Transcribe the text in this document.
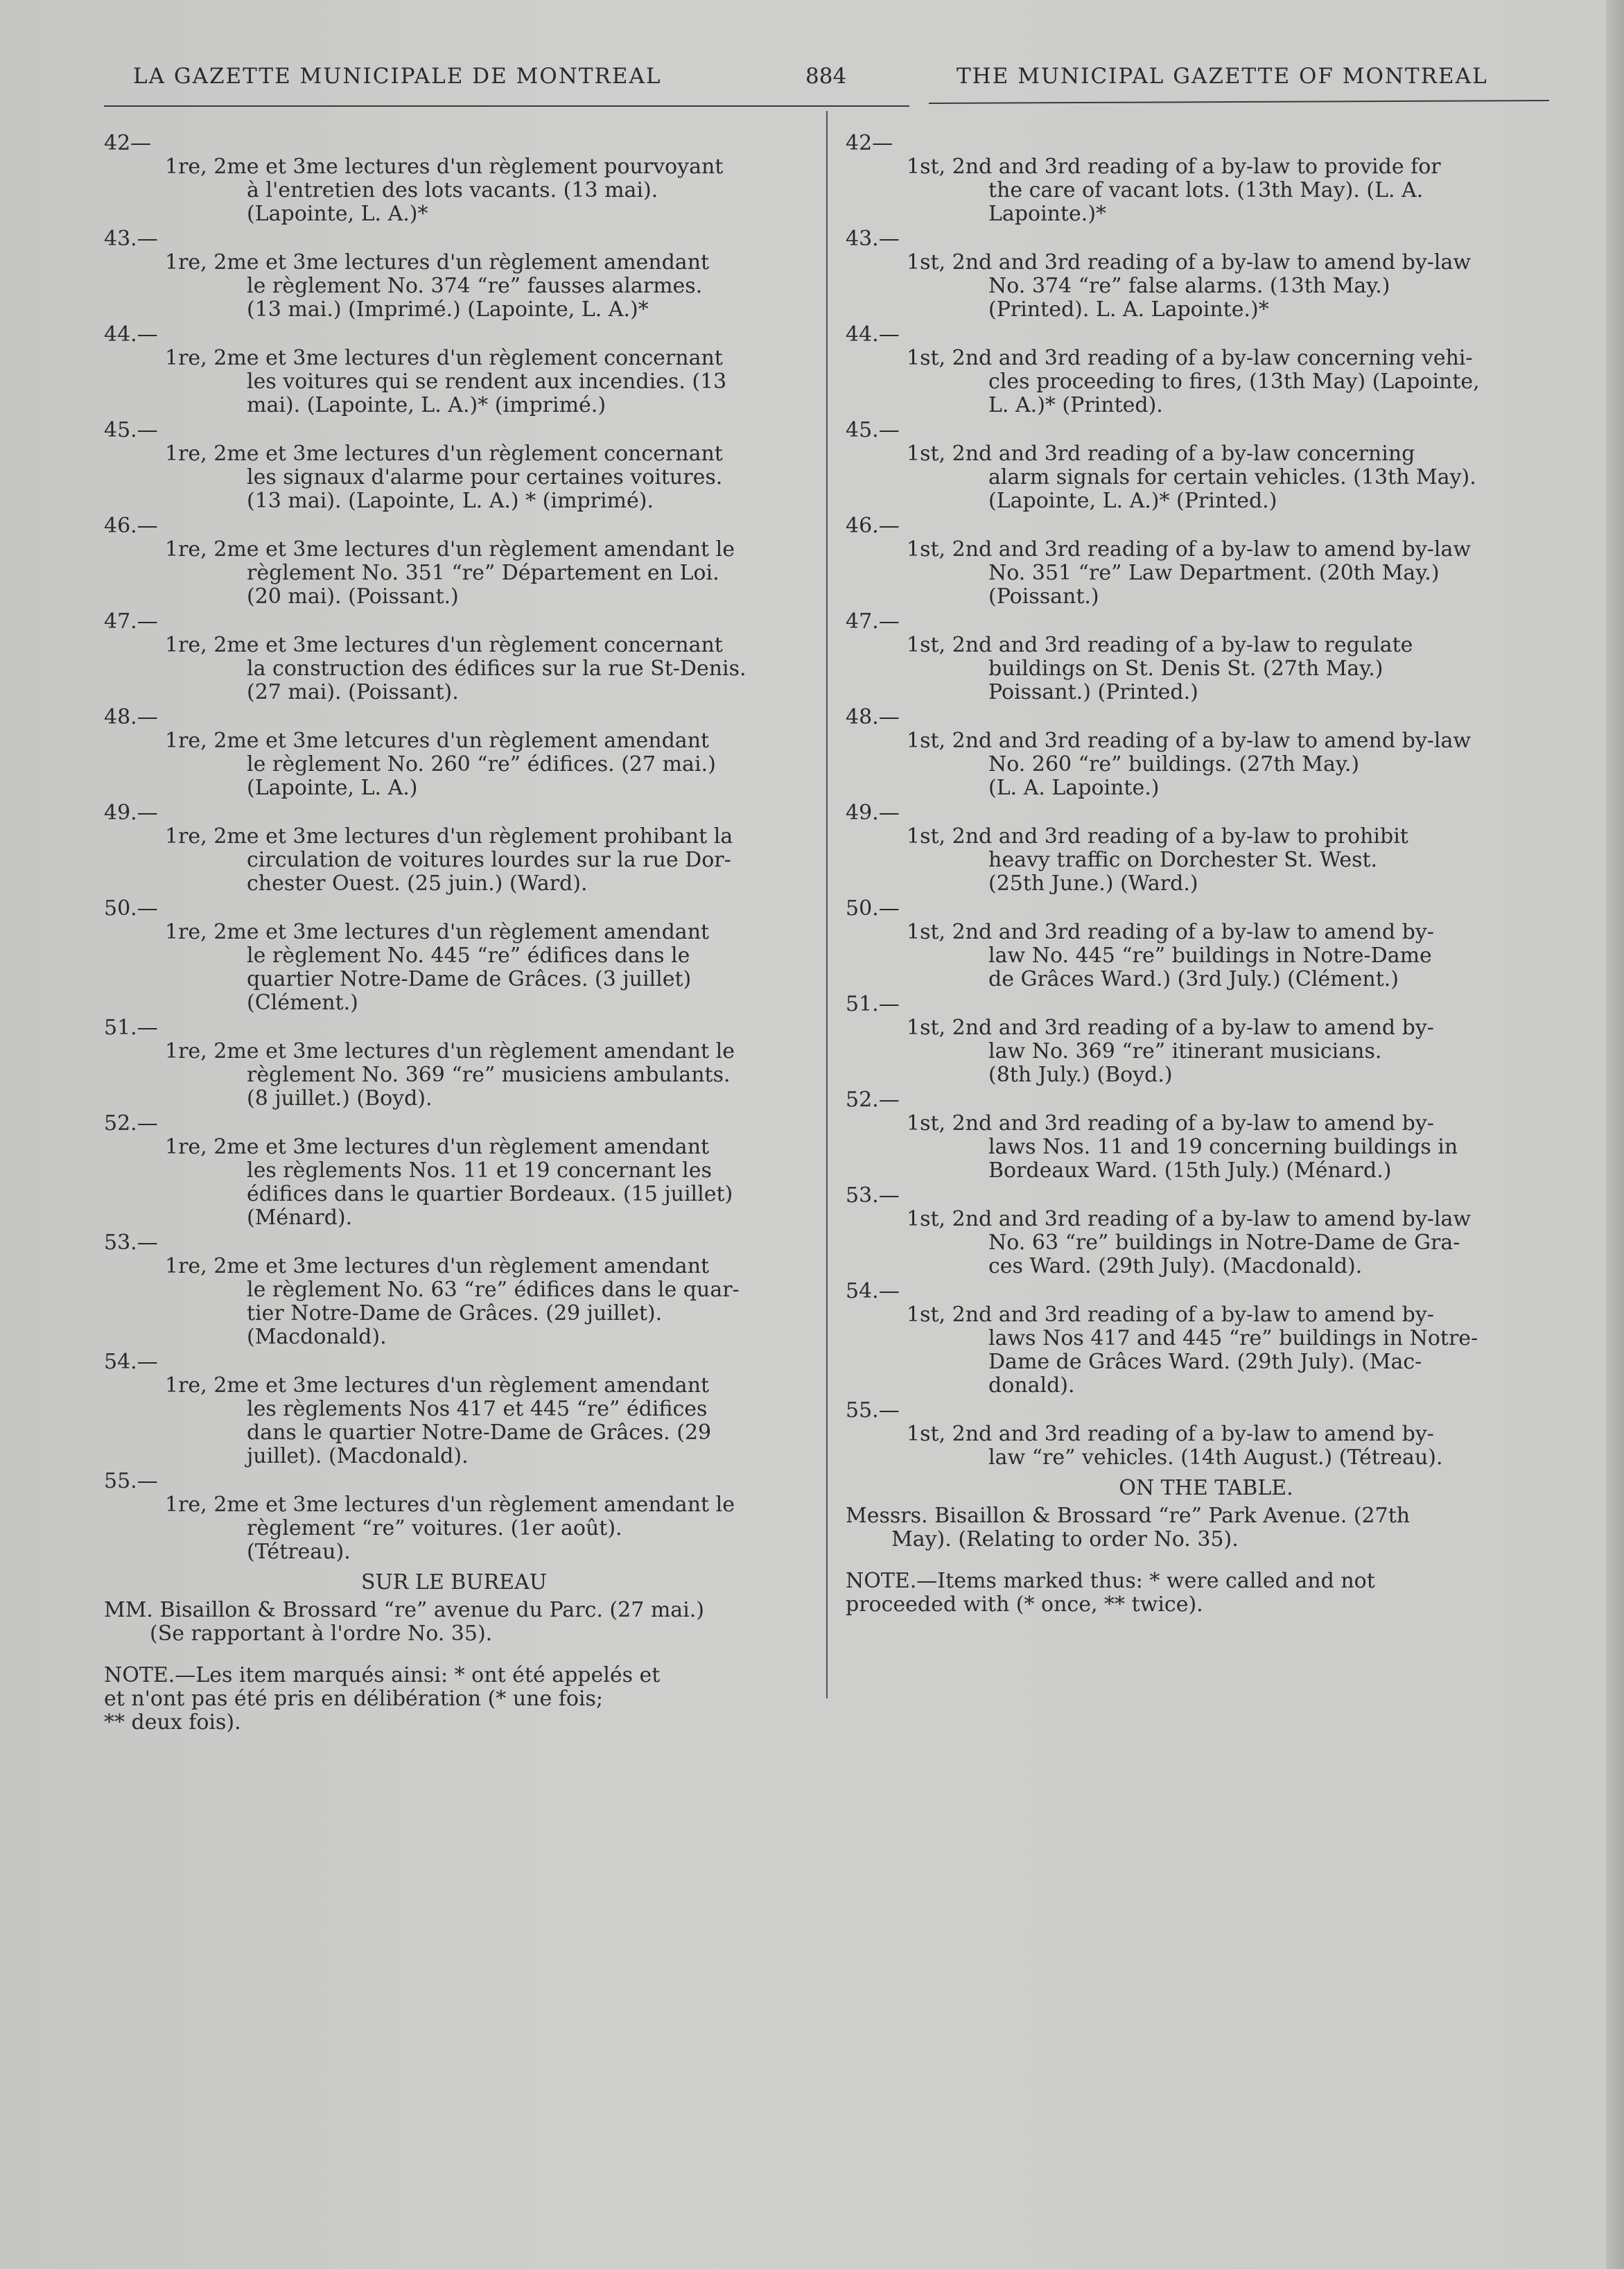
LA GAZETTE MUNICIPALE DE MONTREAL	884	THE MUNICIPAL GAZETTE OF MONTREAL
42—
1re, 2me et 3me lectures d'un règlement pourvoyant
à l'entretien des lots vacants. (13 mai).
(Lapointe, L. A.)*
43.—
1re, 2me et 3me lectures d'un règlement amendant
le règlement No. 374 “re” fausses alarmes.
(13 mai.) (Imprimé.) (Lapointe, L. A.)*
44.—
1re, 2me et 3me lectures d'un règlement concernant
les voitures qui se rendent aux incendies. (13
mai). (Lapointe, L. A.)* (imprimé.)
45.—
1re, 2me et 3me lectures d'un règlement concernant
les signaux d'alarme pour certaines voitures.
(13 mai). (Lapointe, L. A.) * (imprimé).
46.—
1re, 2me et 3me lectures d'un règlement amendant le
règlement No. 351 “re” Département en Loi.
(20 mai). (Poissant.)
47.—
1re, 2me et 3me lectures d'un règlement concernant
la construction des édifices sur la rue St-Denis.
(27 mai). (Poissant).
48.—
1re, 2me et 3me letcures d'un règlement amendant
le règlement No. 260 “re” édifices. (27 mai.)
(Lapointe, L. A.)
49.—
1re, 2me et 3me lectures d'un règlement prohibant la
circulation de voitures lourdes sur la rue Dor-
chester Ouest. (25 juin.) (Ward).
50.—
1re, 2me et 3me lectures d'un règlement amendant
le règlement No. 445 “re” édifices dans le
quartier Notre-Dame de Grâces. (3 juillet)
(Clément.)
51.—
1re, 2me et 3me lectures d'un règlement amendant le
règlement No. 369 “re” musiciens ambulants.
(8 juillet.) (Boyd).
52.—
1re, 2me et 3me lectures d'un règlement amendant
les règlements Nos. 11 et 19 concernant les
édifices dans le quartier Bordeaux. (15 juillet)
(Ménard).
53.—
1re, 2me et 3me lectures d'un règlement amendant
le règlement No. 63 “re” édifices dans le quar-
tier Notre-Dame de Grâces. (29 juillet).
(Macdonald).
54.—
1re, 2me et 3me lectures d'un règlement amendant
les règlements Nos 417 et 445 “re” édifices
dans le quartier Notre-Dame de Grâces. (29
juillet). (Macdonald).
55.—
1re, 2me et 3me lectures d'un règlement amendant le
règlement “re” voitures. (1er août).
(Tétreau).
SUR LE BUREAU
MM. Bisaillon & Brossard “re” avenue du Parc. (27 mai.)
(Se rapportant à l'ordre No. 35).
NOTE.—Les item marqués ainsi: * ont été appelés et
et n'ont pas été pris en délibération (* une fois;
** deux fois).
42—
1st, 2nd and 3rd reading of a by-law to provide for
the care of vacant lots. (13th May). (L. A.
Lapointe.)*
43.—
1st, 2nd and 3rd reading of a by-law to amend by-law
No. 374 “re” false alarms. (13th May.)
(Printed). L. A. Lapointe.)*
44.—
1st, 2nd and 3rd reading of a by-law concerning vehi-
cles proceeding to fires, (13th May) (Lapointe,
L. A.)* (Printed).
45.—
1st, 2nd and 3rd reading of a by-law concerning
alarm signals for certain vehicles. (13th May).
(Lapointe, L. A.)* (Printed.)
46.—
1st, 2nd and 3rd reading of a by-law to amend by-law
No. 351 “re” Law Department. (20th May.)
(Poissant.)
47.—
1st, 2nd and 3rd reading of a by-law to regulate
buildings on St. Denis St. (27th May.)
Poissant.) (Printed.)
48.—
1st, 2nd and 3rd reading of a by-law to amend by-law
No. 260 “re” buildings. (27th May.)
(L. A. Lapointe.)
49.—
1st, 2nd and 3rd reading of a by-law to prohibit
heavy traffic on Dorchester St. West.
(25th June.) (Ward.)
50.—
1st, 2nd and 3rd reading of a by-law to amend by-
law No. 445 “re” buildings in Notre-Dame
de Grâces Ward.) (3rd July.) (Clément.)
51.—
1st, 2nd and 3rd reading of a by-law to amend by-
law No. 369 “re” itinerant musicians.
(8th July.) (Boyd.)
52.—
1st, 2nd and 3rd reading of a by-law to amend by-
laws Nos. 11 and 19 concerning buildings in
Bordeaux Ward. (15th July.) (Ménard.)
53.—
1st, 2nd and 3rd reading of a by-law to amend by-law
No. 63 “re” buildings in Notre-Dame de Gra-
ces Ward. (29th July). (Macdonald).
54.—
1st, 2nd and 3rd reading of a by-law to amend by-
laws Nos 417 and 445 “re” buildings in Notre-
Dame de Grâces Ward. (29th July). (Mac-
donald).
55.—
1st, 2nd and 3rd reading of a by-law to amend by-
law “re” vehicles. (14th August.) (Tétreau).
ON THE TABLE.
Messrs. Bisaillon & Brossard “re” Park Avenue. (27th
May). (Relating to order No. 35).
NOTE.—Items marked thus: * were called and not
proceeded with (* once, ** twice).
